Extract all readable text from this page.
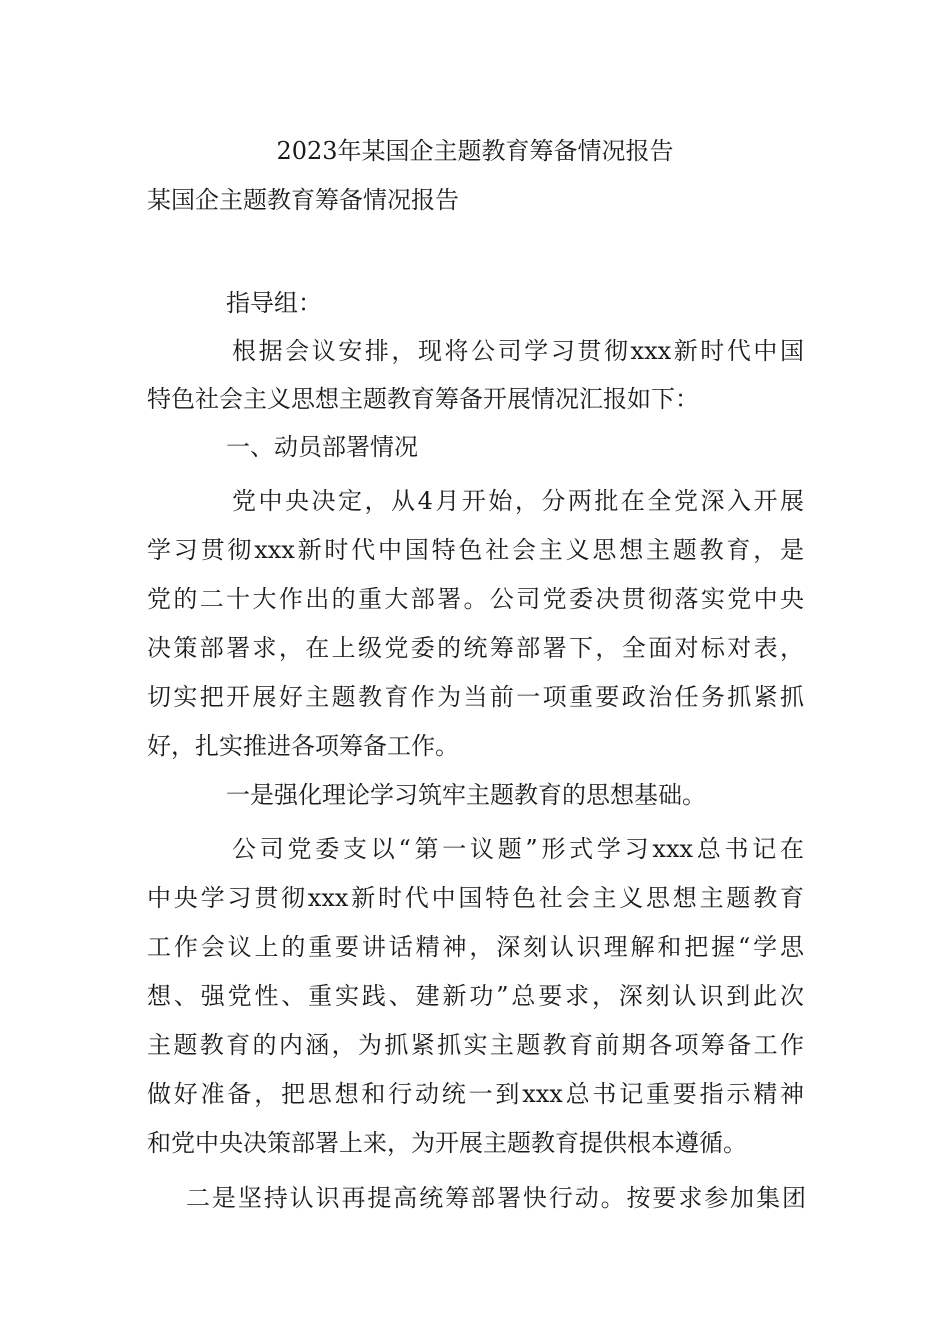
2023年某国企主题教育筹备情况报告
某国企主题教育筹备情况报告
指导组：
根据会议安排，现将公司学习贯彻xxx新时代中国
特色社会主义思想主题教育筹备开展情况汇报如下：
一、动员部署情况
党中央决定，从4月开始，分两批在全党深入开展
学习贯彻xxx新时代中国特色社会主义思想主题教育，是
党的二十大作出的重大部署。公司党委决贯彻落实党中央
决策部署求，在上级党委的统筹部署下，全面对标对表，
切实把开展好主题教育作为当前一项重要政治任务抓紧抓
好，扎实推进各项筹备工作。
一是强化理论学习筑牢主题教育的思想基础。
公司党委支以“第一议题”形式学习xxx总书记在
中央学习贯彻xxx新时代中国特色社会主义思想主题教育
工作会议上的重要讲话精神，深刻认识理解和把握“学思
想、强党性、重实践、建新功”总要求，深刻认识到此次
主题教育的内涵，为抓紧抓实主题教育前期各项筹备工作
做好准备，把思想和行动统一到xxx总书记重要指示精神
和党中央决策部署上来，为开展主题教育提供根本遵循。
二是坚持认识再提高统筹部署快行动。按要求参加集团
